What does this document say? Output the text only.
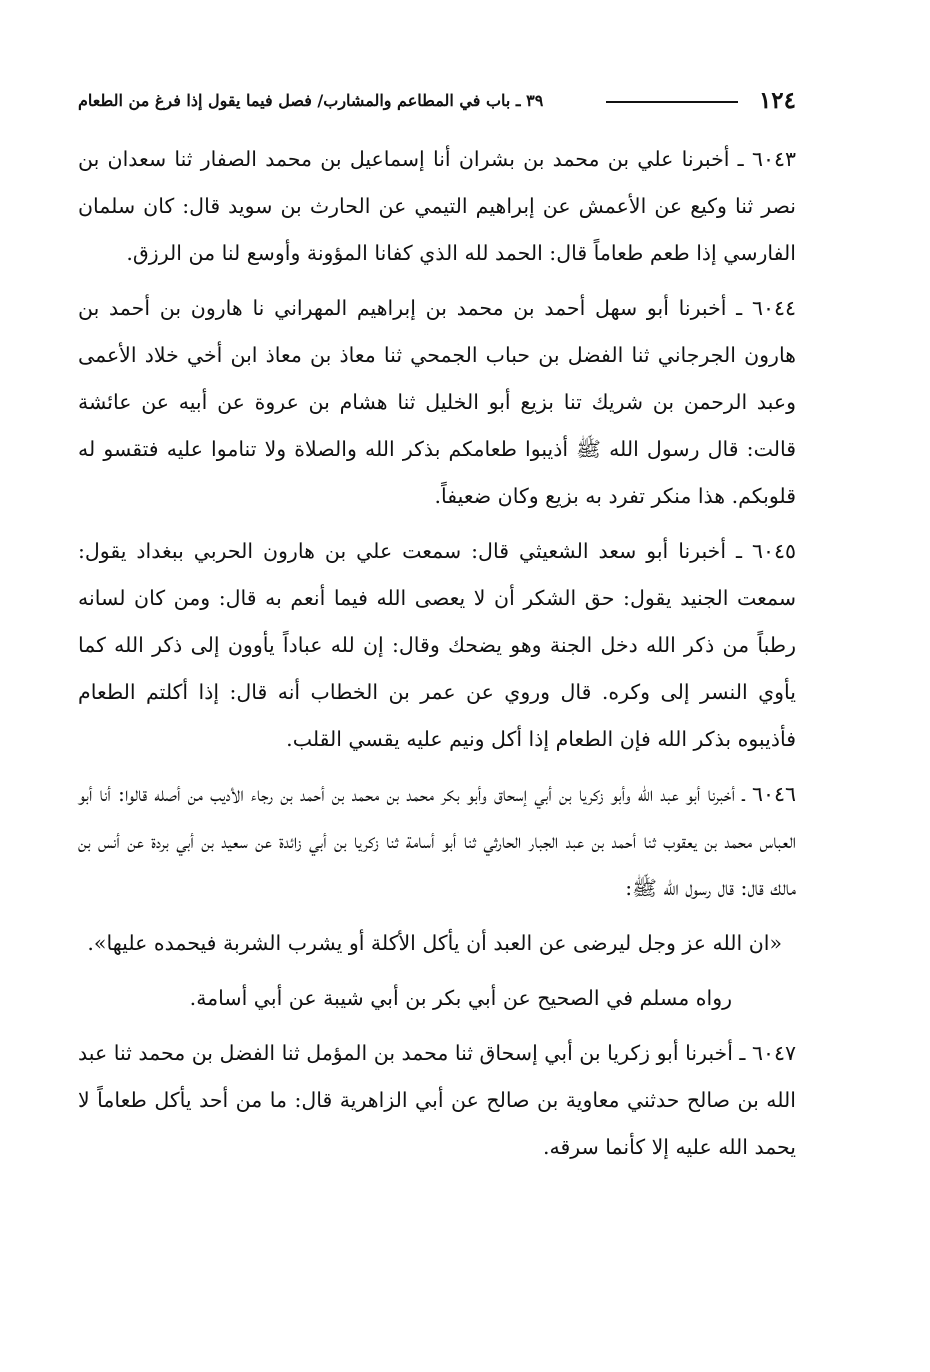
١٢٤
٣٩ ـ باب في المطاعم والمشارب/ فصل فيما يقول إذا فرغ من الطعام

٦٠٤٣ ـ أخبرنا علي بن محمد بن بشران أنا إسماعيل بن محمد الصفار ثنا سعدان بن نصر ثنا وكيع عن الأعمش عن إبراهيم التيمي عن الحارث بن سويد قال: كان سلمان الفارسي إذا طعم طعاماً قال: الحمد لله الذي كفانا المؤونة وأوسع لنا من الرزق.

٦٠٤٤ ـ أخبرنا أبو سهل أحمد بن محمد بن إبراهيم المهراني نا هارون بن أحمد بن هارون الجرجاني ثنا الفضل بن حباب الجمحي ثنا معاذ بن معاذ ابن أخي خلاد الأعمى وعبد الرحمن بن شريك تنا بزيع أبو الخليل ثنا هشام بن عروة عن أبيه عن عائشة قالت: قال رسول الله ﷺ أذيبوا طعامكم بذكر الله والصلاة ولا تناموا عليه فتقسو له قلوبكم. هذا منكر تفرد به بزيع وكان ضعيفاً.

٦٠٤٥ ـ أخبرنا أبو سعد الشعيثي قال: سمعت علي بن هارون الحربي ببغداد يقول: سمعت الجنيد يقول: حق الشكر أن لا يعصى الله فيما أنعم به قال: ومن كان لسانه رطباً من ذكر الله دخل الجنة وهو يضحك وقال: إن لله عباداً يأوون إلى ذكر الله كما يأوي النسر إلى وكره. قال وروي عن عمر بن الخطاب أنه قال: إذا أكلتم الطعام فأذيبوه بذكر الله فإن الطعام إذا أكل ونيم عليه يقسي القلب.

٦٠٤٦ ـ أخبرنا أبو عبد الله وأبو زكريا بن أبي إسحاق وأبو بكر محمد بن محمد بن أحمد بن رجاء الأديب من أصله قالوا: أنا أبو العباس محمد بن يعقوب ثنا أحمد بن عبد الجبار الحارثي ثنا أبو أسامة ثنا زكريا بن أبي زائدة عن سعيد بن أبي بردة عن أنس بن مالك قال: قال رسول الله ﷺ:

«ان الله عز وجل ليرضى عن العبد أن يأكل الأكلة أو يشرب الشربة فيحمده عليها».

رواه مسلم في الصحيح عن أبي بكر بن أبي شيبة عن أبي أسامة.

٦٠٤٧ ـ أخبرنا أبو زكريا بن أبي إسحاق ثنا محمد بن المؤمل ثنا الفضل بن محمد ثنا عبد الله بن صالح حدثني معاوية بن صالح عن أبي الزاهرية قال: ما من أحد يأكل طعاماً لا يحمد الله عليه إلا كأنما سرقه.
